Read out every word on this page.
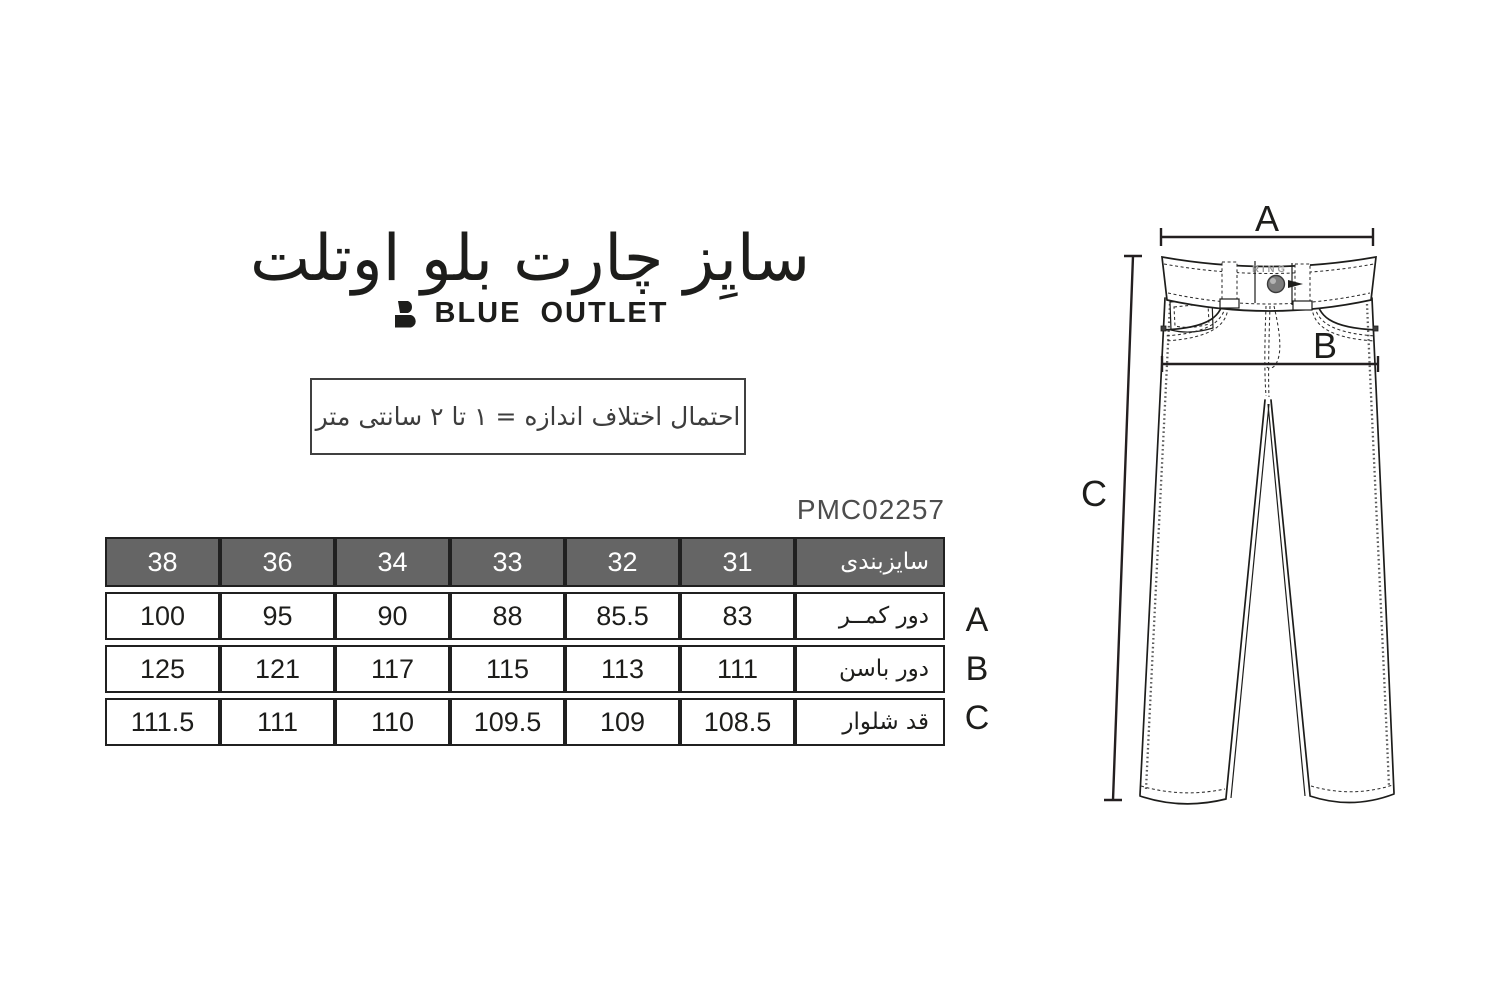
سایِز چارت بلو اوتلت
BLUE OUTLET
احتمال اختلاف اندازه = ۱ تا ۲ سانتی متر
PMC02257
38	36	34	33	32	31	سایزبندی
100	95	90	88	85.5	83	دور کمــر
125	121	117	115	113	111	دور باسن
111.5	111	110	109.5	109	108.5	قد شلوار
A
B
C
A
C
RING
B
